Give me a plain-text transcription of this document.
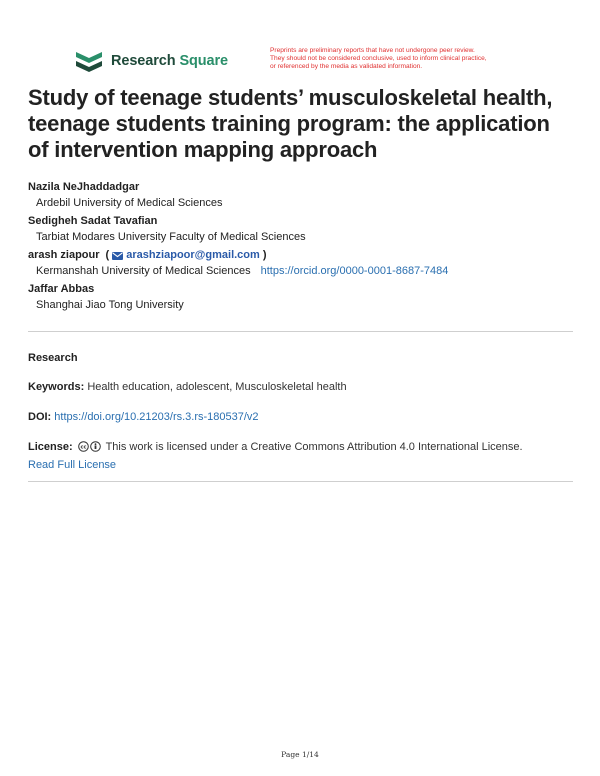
Research Square
Preprints are preliminary reports that have not undergone peer review.
They should not be considered conclusive, used to inform clinical practice,
or referenced by the media as validated information.
Study of teenage students’ musculoskeletal health,
teenage students training program: the application
of intervention mapping approach
Nazila NeJhaddadgar
Ardebil University of Medical Sciences
Sedigheh Sadat Tavafian
Tarbiat Modares University Faculty of Medical Sciences
arash ziapour ( arashziapoor@gmail.com )
Kermanshah University of Medical Sciences https://orcid.org/0000-0001-8687-7484
Jaffar Abbas
Shanghai Jiao Tong University
Research
Keywords: Health education, adolescent, Musculoskeletal health
DOI: https://doi.org/10.21203/rs.3.rs-180537/v2
License: cc This work is licensed under a Creative Commons Attribution 4.0 International License.
Read Full License
Page 1/14
